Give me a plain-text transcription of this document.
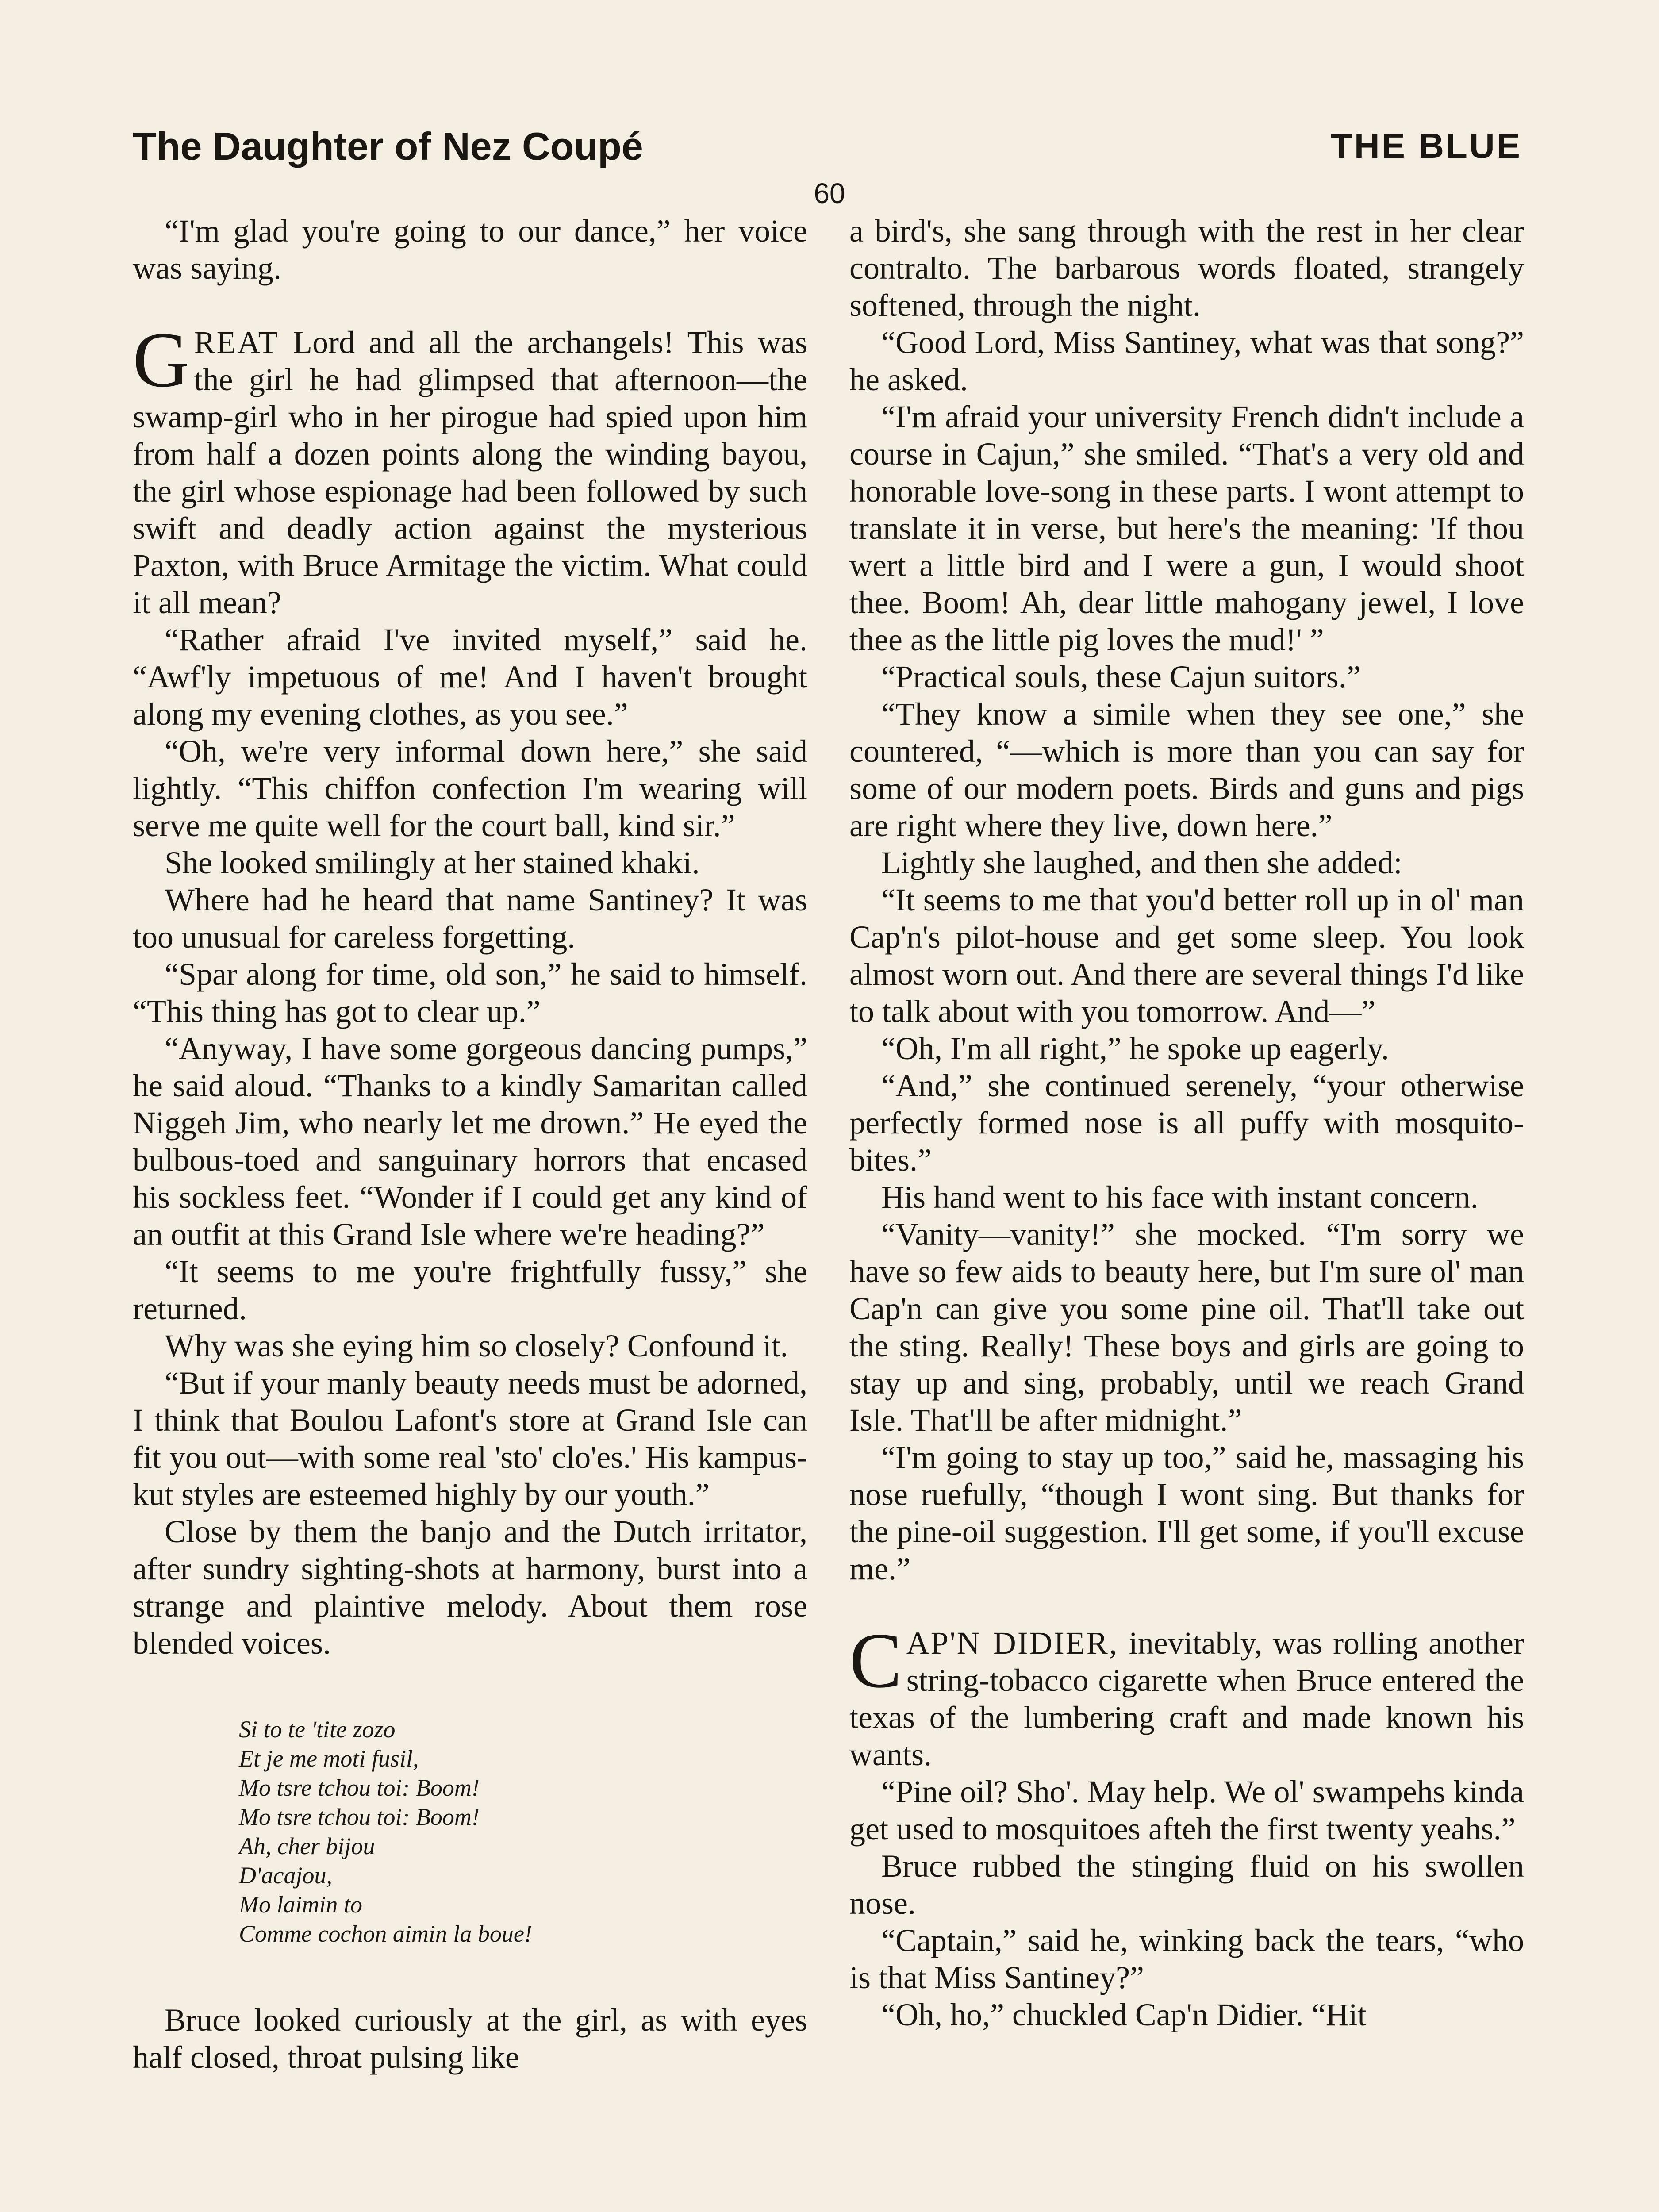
The Daughter of Nez Coupé	THE BLUE
60

“I'm glad you're going to our dance,” her voice was saying.

GREAT Lord and all the archangels! This was the girl he had glimpsed that afternoon—the swamp-girl who in her pirogue had spied upon him from half a dozen points along the winding bayou, the girl whose espionage had been followed by such swift and deadly action against the mysterious Paxton, with Bruce Armitage the victim. What could it all mean?

“Rather afraid I've invited myself,” said he. “Awf'ly impetuous of me! And I haven't brought along my evening clothes, as you see.”

“Oh, we're very informal down here,” she said lightly. “This chiffon confection I'm wearing will serve me quite well for the court ball, kind sir.”

She looked smilingly at her stained khaki.

Where had he heard that name Santiney? It was too unusual for careless forgetting.

“Spar along for time, old son,” he said to himself. “This thing has got to clear up.”

“Anyway, I have some gorgeous dancing pumps,” he said aloud. “Thanks to a kindly Samaritan called Niggeh Jim, who nearly let me drown.” He eyed the bulbous-toed and sanguinary horrors that encased his sockless feet. “Wonder if I could get any kind of an outfit at this Grand Isle where we're heading?”

“It seems to me you're frightfully fussy,” she returned.

Why was she eying him so closely? Confound it.

“But if your manly beauty needs must be adorned, I think that Boulou Lafont's store at Grand Isle can fit you out—with some real 'sto' clo'es.' His kampus-kut styles are esteemed highly by our youth.”

Close by them the banjo and the Dutch irritator, after sundry sighting-shots at harmony, burst into a strange and plaintive melody. About them rose blended voices.

Si to te 'tite zozo
Et je me moti fusil,
Mo tsre tchou toi: Boom!
Mo tsre tchou toi: Boom!
Ah, cher bijou
D'acajou,
Mo laimin to
Comme cochon aimin la boue!

Bruce looked curiously at the girl, as with eyes half closed, throat pulsing like

a bird's, she sang through with the rest in her clear contralto. The barbarous words floated, strangely softened, through the night.

“Good Lord, Miss Santiney, what was that song?” he asked.

“I'm afraid your university French didn't include a course in Cajun,” she smiled. “That's a very old and honorable love-song in these parts. I wont attempt to translate it in verse, but here's the meaning: 'If thou wert a little bird and I were a gun, I would shoot thee. Boom! Ah, dear little mahogany jewel, I love thee as the little pig loves the mud!' ”

“Practical souls, these Cajun suitors.”

“They know a simile when they see one,” she countered, “—which is more than you can say for some of our modern poets. Birds and guns and pigs are right where they live, down here.”

Lightly she laughed, and then she added:

“It seems to me that you'd better roll up in ol' man Cap'n's pilot-house and get some sleep. You look almost worn out. And there are several things I'd like to talk about with you tomorrow. And—”

“Oh, I'm all right,” he spoke up eagerly.

“And,” she continued serenely, “your otherwise perfectly formed nose is all puffy with mosquito-bites.”

His hand went to his face with instant concern.

“Vanity—vanity!” she mocked. “I'm sorry we have so few aids to beauty here, but I'm sure ol' man Cap'n can give you some pine oil. That'll take out the sting. Really! These boys and girls are going to stay up and sing, probably, until we reach Grand Isle. That'll be after midnight.”

“I'm going to stay up too,” said he, massaging his nose ruefully, “though I wont sing. But thanks for the pine-oil suggestion. I'll get some, if you'll excuse me.”

CAP'N DIDIER, inevitably, was rolling another string-tobacco cigarette when Bruce entered the texas of the lumbering craft and made known his wants.

“Pine oil? Sho'. May help. We ol' swampehs kinda get used to mosquitoes afteh the first twenty yeahs.”

Bruce rubbed the stinging fluid on his swollen nose.

“Captain,” said he, winking back the tears, “who is that Miss Santiney?”

“Oh, ho,” chuckled Cap'n Didier. “Hit
